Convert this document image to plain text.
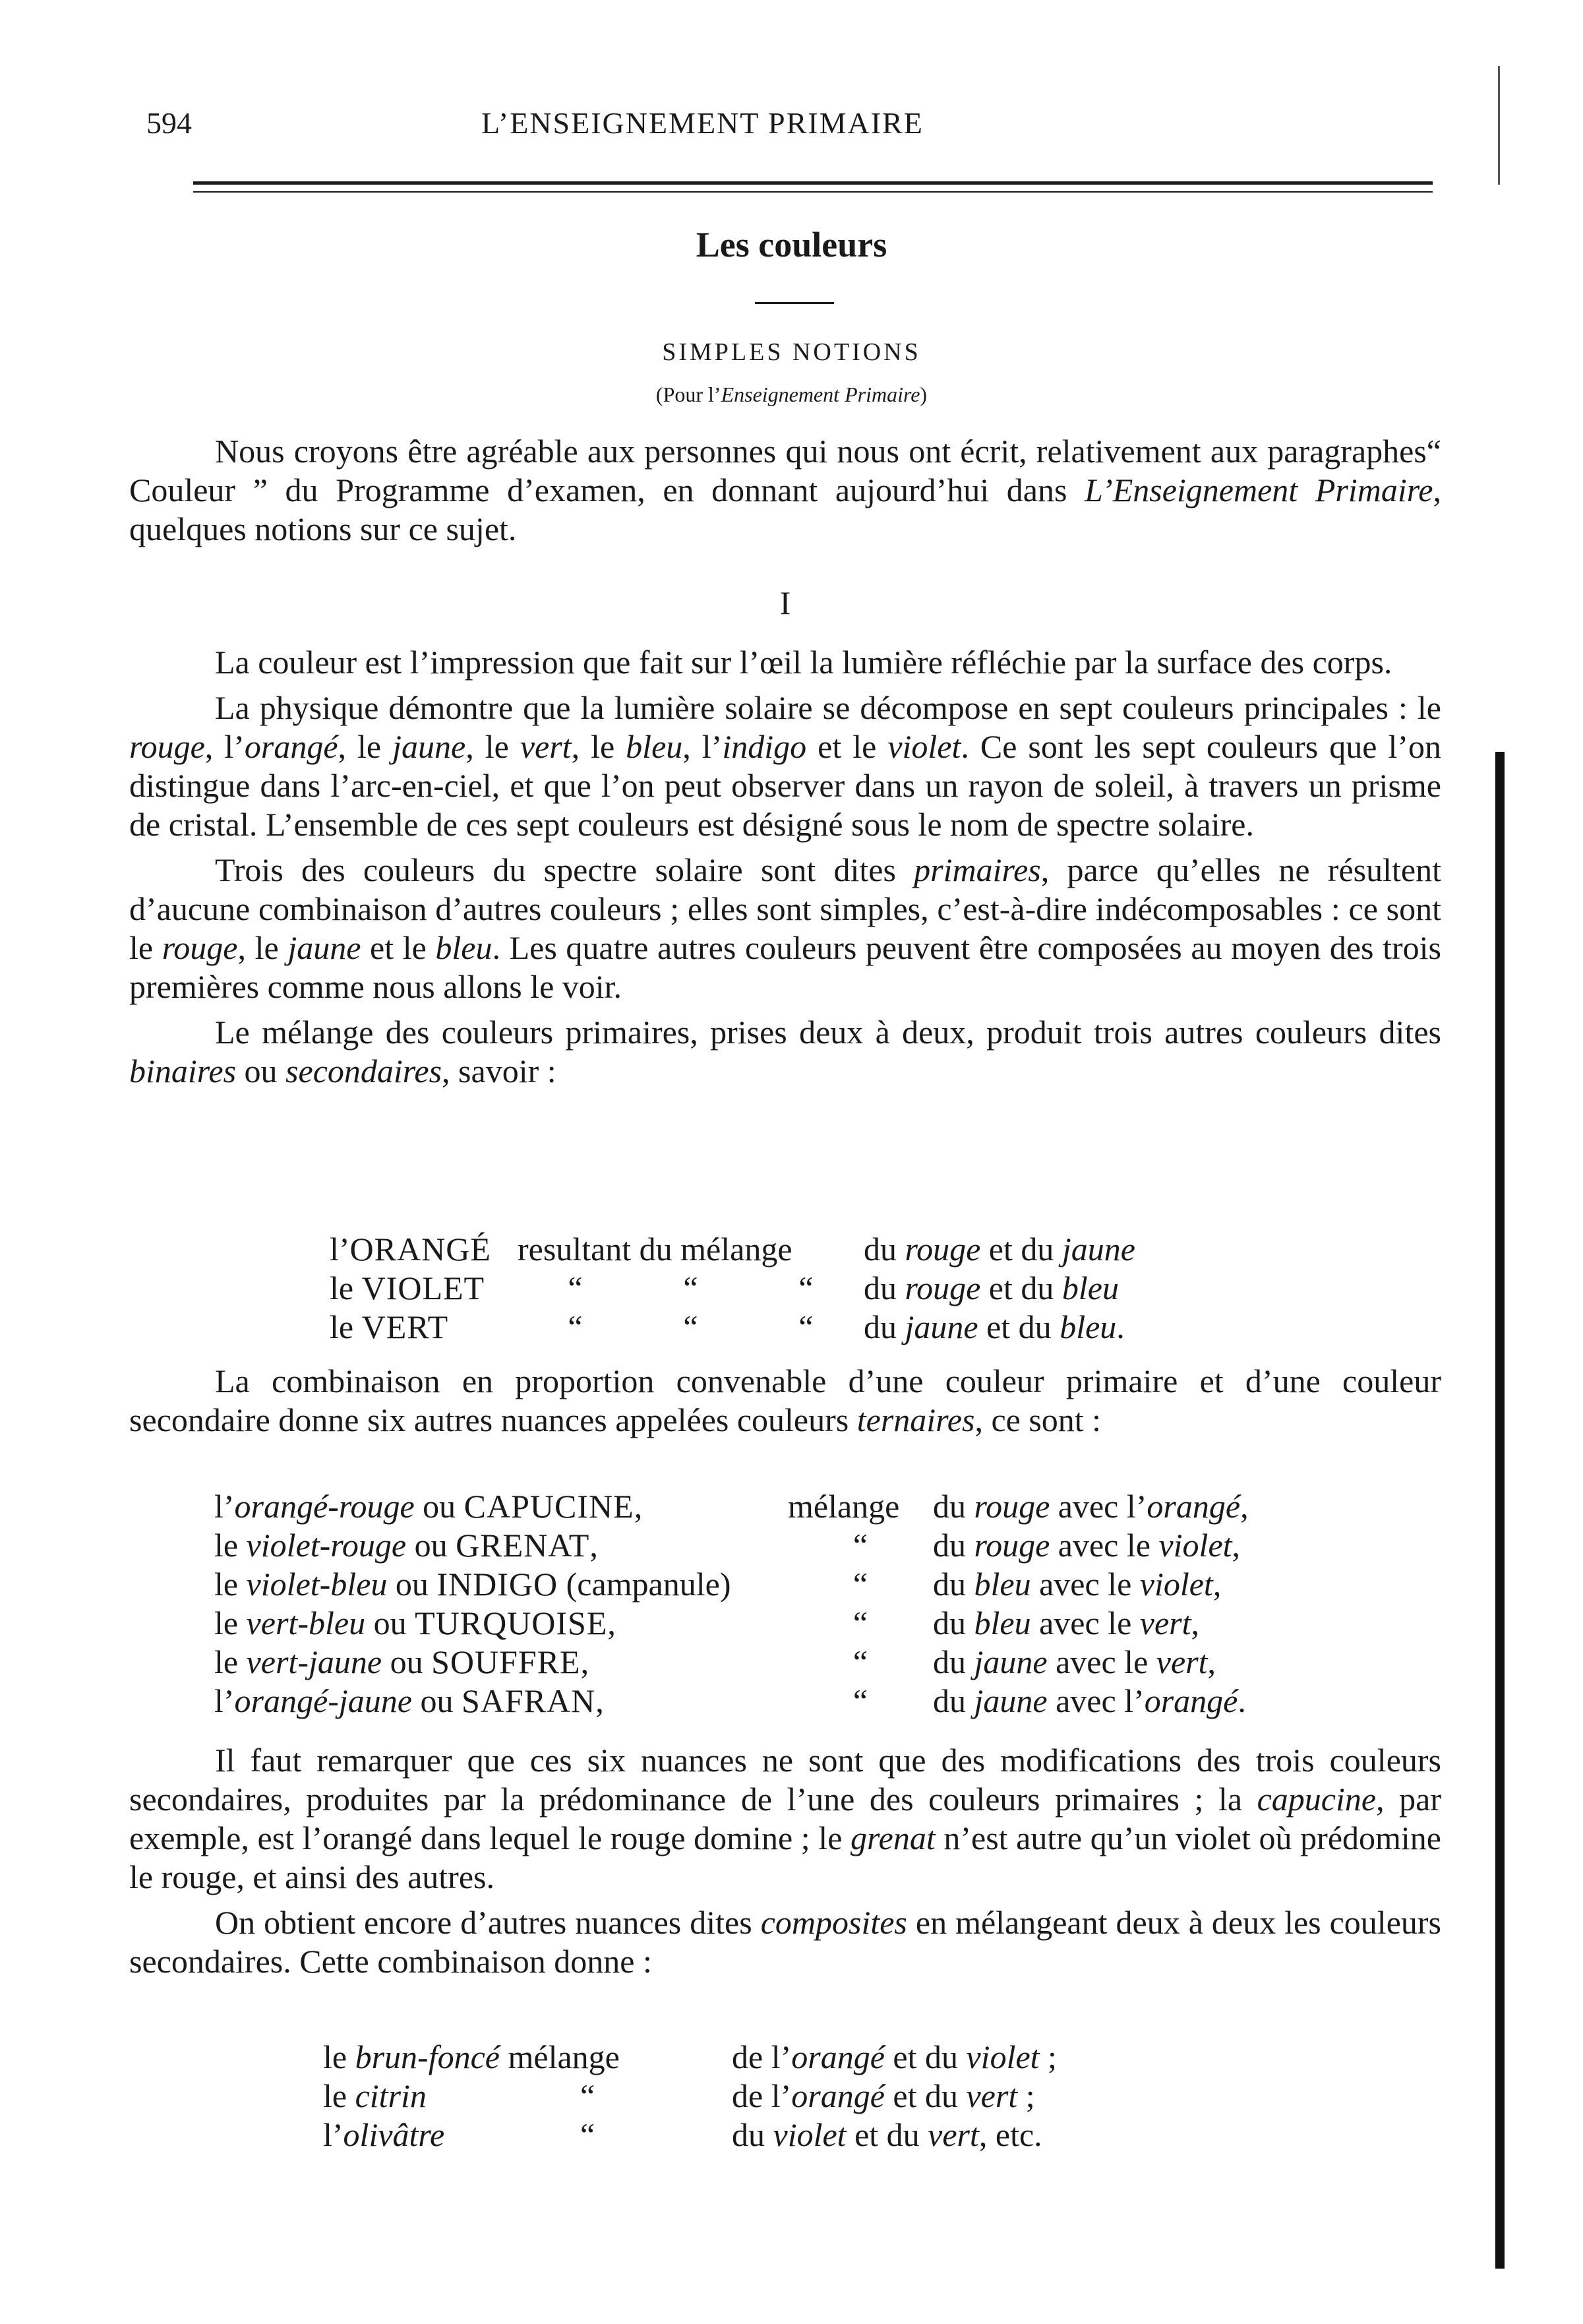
594	L’ENSEIGNEMENT PRIMAIRE
Les couleurs
SIMPLES NOTIONS
(Pour l’Enseignement Primaire)

Nous croyons être agréable aux personnes qui nous ont écrit, relativement aux paragraphes“ Couleur ” du Programme d’examen, en donnant aujourd’hui dans L’Enseignement Primaire, quelques notions sur ce sujet.

I

La couleur est l’impression que fait sur l’œil la lumière réfléchie par la surface des corps.

La physique démontre que la lumière solaire se décompose en sept couleurs principales : le rouge, l’orangé, le jaune, le vert, le bleu, l’indigo et le violet. Ce sont les sept couleurs que l’on distingue dans l’arc-en-ciel, et que l’on peut observer dans un rayon de soleil, à travers un prisme de cristal. L’ensemble de ces sept couleurs est désigné sous le nom de spectre solaire.

Trois des couleurs du spectre solaire sont dites primaires, parce qu’elles ne résultent d’aucune combinaison d’autres couleurs ; elles sont simples, c’est-à-dire indécomposables : ce sont le rouge, le jaune et le bleu. Les quatre autres couleurs peuvent être composées au moyen des trois premières comme nous allons le voir.

Le mélange des couleurs primaires, prises deux à deux, produit trois autres couleurs dites binaires ou secondaires, savoir :

l’ORANGÉ resultant du mélange	du rouge et du jaune
le VIOLET	“	“	“	du rouge et du bleu
le VERT	“	“	“	du jaune et du bleu.

La combinaison en proportion convenable d’une couleur primaire et d’une couleur secondaire donne six autres nuances appelées couleurs ternaires, ce sont :

l’orangé-rouge ou CAPUCINE,	mélange	du rouge avec l’orangé,
le violet-rouge ou GRENAT,	“	du rouge avec le violet,
le violet-bleu ou INDIGO (campanule)	“	du bleu avec le violet,
le vert-bleu ou TURQUOISE,	“	du bleu avec le vert,
le vert-jaune ou SOUFFRE,	“	du jaune avec le vert,
l’orangé-jaune ou SAFRAN,	“	du jaune avec l’orangé.

Il faut remarquer que ces six nuances ne sont que des modifications des trois couleurs secondaires, produites par la prédominance de l’une des couleurs primaires ; la capucine, par exemple, est l’orangé dans lequel le rouge domine ; le grenat n’est autre qu’un violet où prédomine le rouge, et ainsi des autres.

On obtient encore d’autres nuances dites composites en mélangeant deux à deux les couleurs secondaires. Cette combinaison donne :

le brun-foncé mélange	de l’orangé et du violet ;
le citrin	“	de l’orangé et du vert ;
l’olivâtre	“	du violet et du vert, etc.
